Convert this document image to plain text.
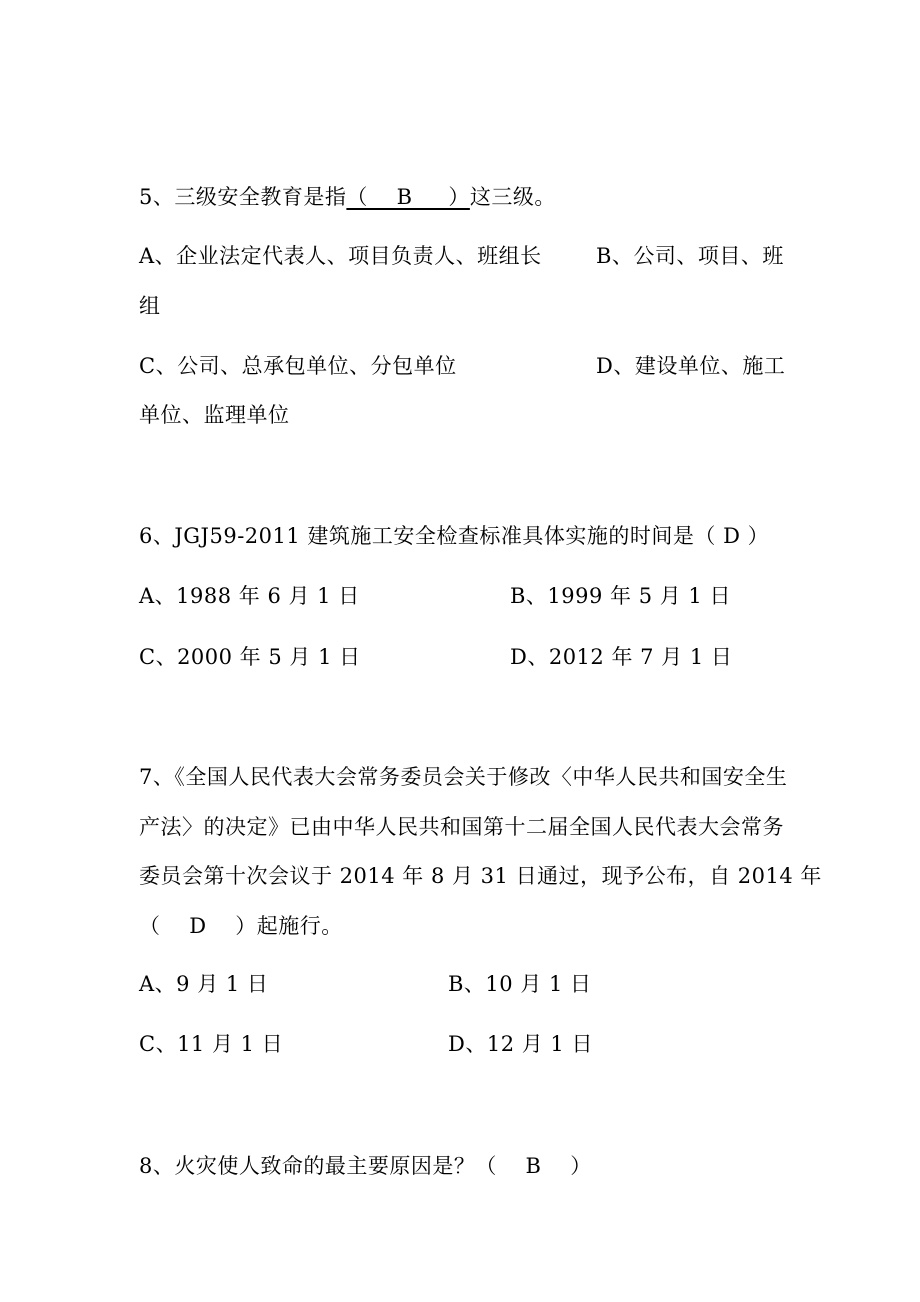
5、三级安全教育是指（    B     ）这三级。
A、企业法定代表人、项目负责人、班组长	B、公司、项目、班
组
C、公司、总承包单位、分包单位	D、建设单位、施工
单位、监理单位
6、JGJ59-2011 建筑施工安全检查标准具体实施的时间是（ D ）
A、1988 年 6 月 1 日	B、1999 年 5 月 1 日
C、2000 年 5 月 1 日	D、2012 年 7 月 1 日
7、《全国人民代表大会常务委员会关于修改〈中华人民共和国安全生
产法〉的决定》已由中华人民共和国第十二届全国人民代表大会常务
委员会第十次会议于 2014 年 8 月 31 日通过，现予公布，自 2014 年
（    D    ）起施行。
A、9 月 1 日	B、10 月 1 日
C、11 月 1 日	D、12 月 1 日
8、火灾使人致命的最主要原因是？（    B    ）
